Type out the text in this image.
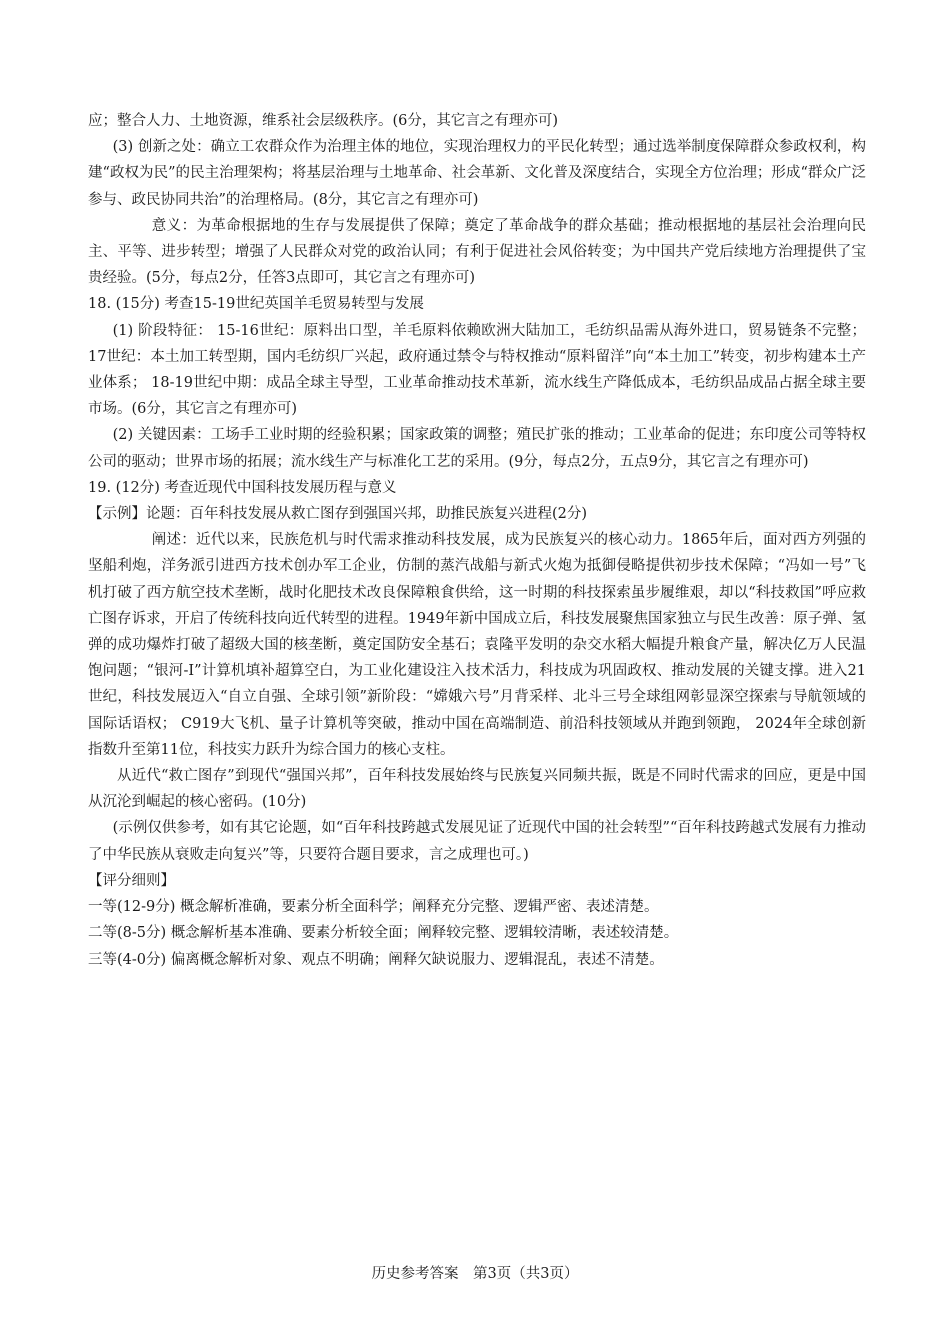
应；整合人力、土地资源，维系社会层级秩序。(6分，其它言之有理亦可)

(3) 创新之处：确立工农群众作为治理主体的地位，实现治理权力的平民化转型；通过选举制度保障群众参政权利，构建“政权为民”的民主治理架构；将基层治理与土地革命、社会革新、文化普及深度结合，实现全方位治理；形成“群众广泛参与、政民协同共治”的治理格局。(8分，其它言之有理亦可)

意义：为革命根据地的生存与发展提供了保障；奠定了革命战争的群众基础；推动根据地的基层社会治理向民主、平等、进步转型；增强了人民群众对党的政治认同；有利于促进社会风俗转变；为中国共产党后续地方治理提供了宝贵经验。(5分，每点2分，任答3点即可，其它言之有理亦可)

18. (15分) 考查15-19世纪英国羊毛贸易转型与发展

(1) 阶段特征： 15-16世纪：原料出口型，羊毛原料依赖欧洲大陆加工，毛纺织品需从海外进口，贸易链条不完整； 17世纪：本土加工转型期，国内毛纺织厂兴起，政府通过禁令与特权推动“原料留洋”向“本土加工”转变，初步构建本土产业体系； 18-19世纪中期：成品全球主导型，工业革命推动技术革新，流水线生产降低成本，毛纺织品成品占据全球主要市场。(6分，其它言之有理亦可)

(2) 关键因素：工场手工业时期的经验积累；国家政策的调整；殖民扩张的推动；工业革命的促进；东印度公司等特权公司的驱动；世界市场的拓展；流水线生产与标准化工艺的采用。(9分，每点2分，五点9分，其它言之有理亦可)

19. (12分) 考查近现代中国科技发展历程与意义

【示例】论题：百年科技发展从救亡图存到强国兴邦，助推民族复兴进程(2分)

阐述：近代以来，民族危机与时代需求推动科技发展，成为民族复兴的核心动力。1865年后，面对西方列强的坚船利炮，洋务派引进西方技术创办军工企业，仿制的蒸汽战船与新式火炮为抵御侵略提供初步技术保障；“冯如一号”飞机打破了西方航空技术垄断，战时化肥技术改良保障粮食供给，这一时期的科技探索虽步履维艰，却以“科技救国”呼应救亡图存诉求，开启了传统科技向近代转型的进程。1949年新中国成立后，科技发展聚焦国家独立与民生改善：原子弹、氢弹的成功爆炸打破了超级大国的核垄断，奠定国防安全基石；袁隆平发明的杂交水稻大幅提升粮食产量，解决亿万人民温饱问题；“银河-I”计算机填补超算空白，为工业化建设注入技术活力，科技成为巩固政权、推动发展的关键支撑。进入21世纪，科技发展迈入“自立自强、全球引领”新阶段：“嫦娥六号”月背采样、北斗三号全球组网彰显深空探索与导航领域的国际话语权； C919大飞机、量子计算机等突破，推动中国在高端制造、前沿科技领域从并跑到领跑， 2024年全球创新指数升至第11位，科技实力跃升为综合国力的核心支柱。

从近代“救亡图存”到现代“强国兴邦”，百年科技发展始终与民族复兴同频共振，既是不同时代需求的回应，更是中国从沉沦到崛起的核心密码。(10分)

(示例仅供参考，如有其它论题，如“百年科技跨越式发展见证了近现代中国的社会转型”“百年科技跨越式发展有力推动了中华民族从衰败走向复兴”等，只要符合题目要求，言之成理也可。)

【评分细则】

一等(12-9分) 概念解析准确，要素分析全面科学；阐释充分完整、逻辑严密、表述清楚。

二等(8-5分) 概念解析基本准确、要素分析较全面；阐释较完整、逻辑较清晰，表述较清楚。

三等(4-0分) 偏离概念解析对象、观点不明确；阐释欠缺说服力、逻辑混乱，表述不清楚。

历史参考答案　第3页（共3页）
